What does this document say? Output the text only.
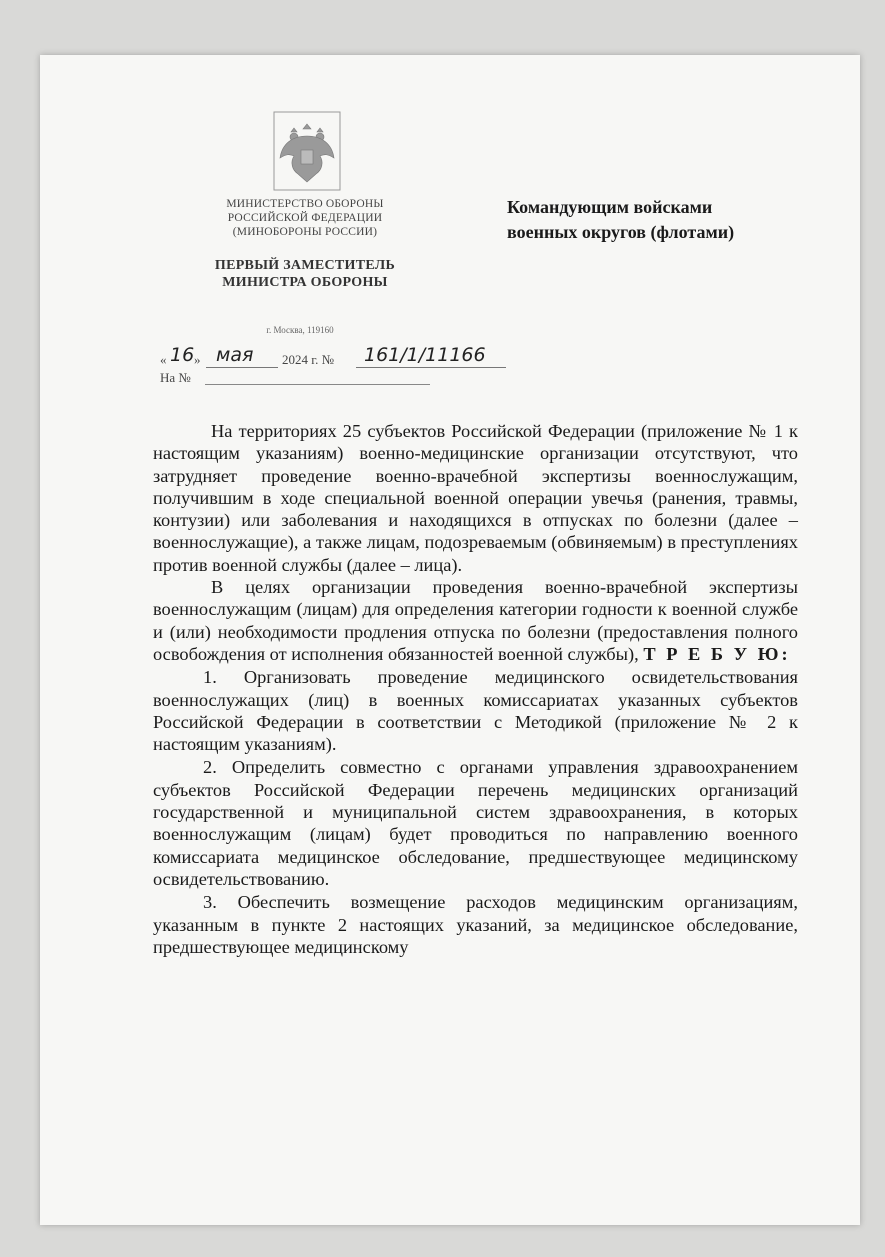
МИНИСТЕРСТВО ОБОРОНЫ
РОССИЙСКОЙ ФЕДЕРАЦИИ
(МИНОБОРОНЫ РОССИИ)
ПЕРВЫЙ ЗАМЕСТИТЕЛЬ
МИНИСТРА ОБОРОНЫ
г. Москва, 119160
Командующим войсками
военных округов (флотами)
« 16 » мая 2024 г. № 161/1/11166
На №

На территориях 25 субъектов Российской Федерации (приложение № 1 к настоящим указаниям) военно-медицинские организации отсутствуют, что затрудняет проведение военно-врачебной экспертизы военнослужащим, получившим в ходе специальной военной операции увечья (ранения, травмы, контузии) или заболевания и находящихся в отпусках по болезни (далее – военнослужащие), а также лицам, подозреваемым (обвиняемым) в преступлениях против военной службы (далее – лица).

В целях организации проведения военно-врачебной экспертизы военнослужащим (лицам) для определения категории годности к военной службе и (или) необходимости продления отпуска по болезни (предоставления полного освобождения от исполнения обязанностей военной службы), Т Р Е Б У Ю:

1. Организовать проведение медицинского освидетельствования военнослужащих (лиц) в военных комиссариатах указанных субъектов Российской Федерации в соответствии с Методикой (приложение № 2 к настоящим указаниям).

2. Определить совместно с органами управления здравоохранением субъектов Российской Федерации перечень медицинских организаций государственной и муниципальной систем здравоохранения, в которых военнослужащим (лицам) будет проводиться по направлению военного комиссариата медицинское обследование, предшествующее медицинскому освидетельствованию.

3. Обеспечить возмещение расходов медицинским организациям, указанным в пункте 2 настоящих указаний, за медицинское обследование, предшествующее медицинскому
